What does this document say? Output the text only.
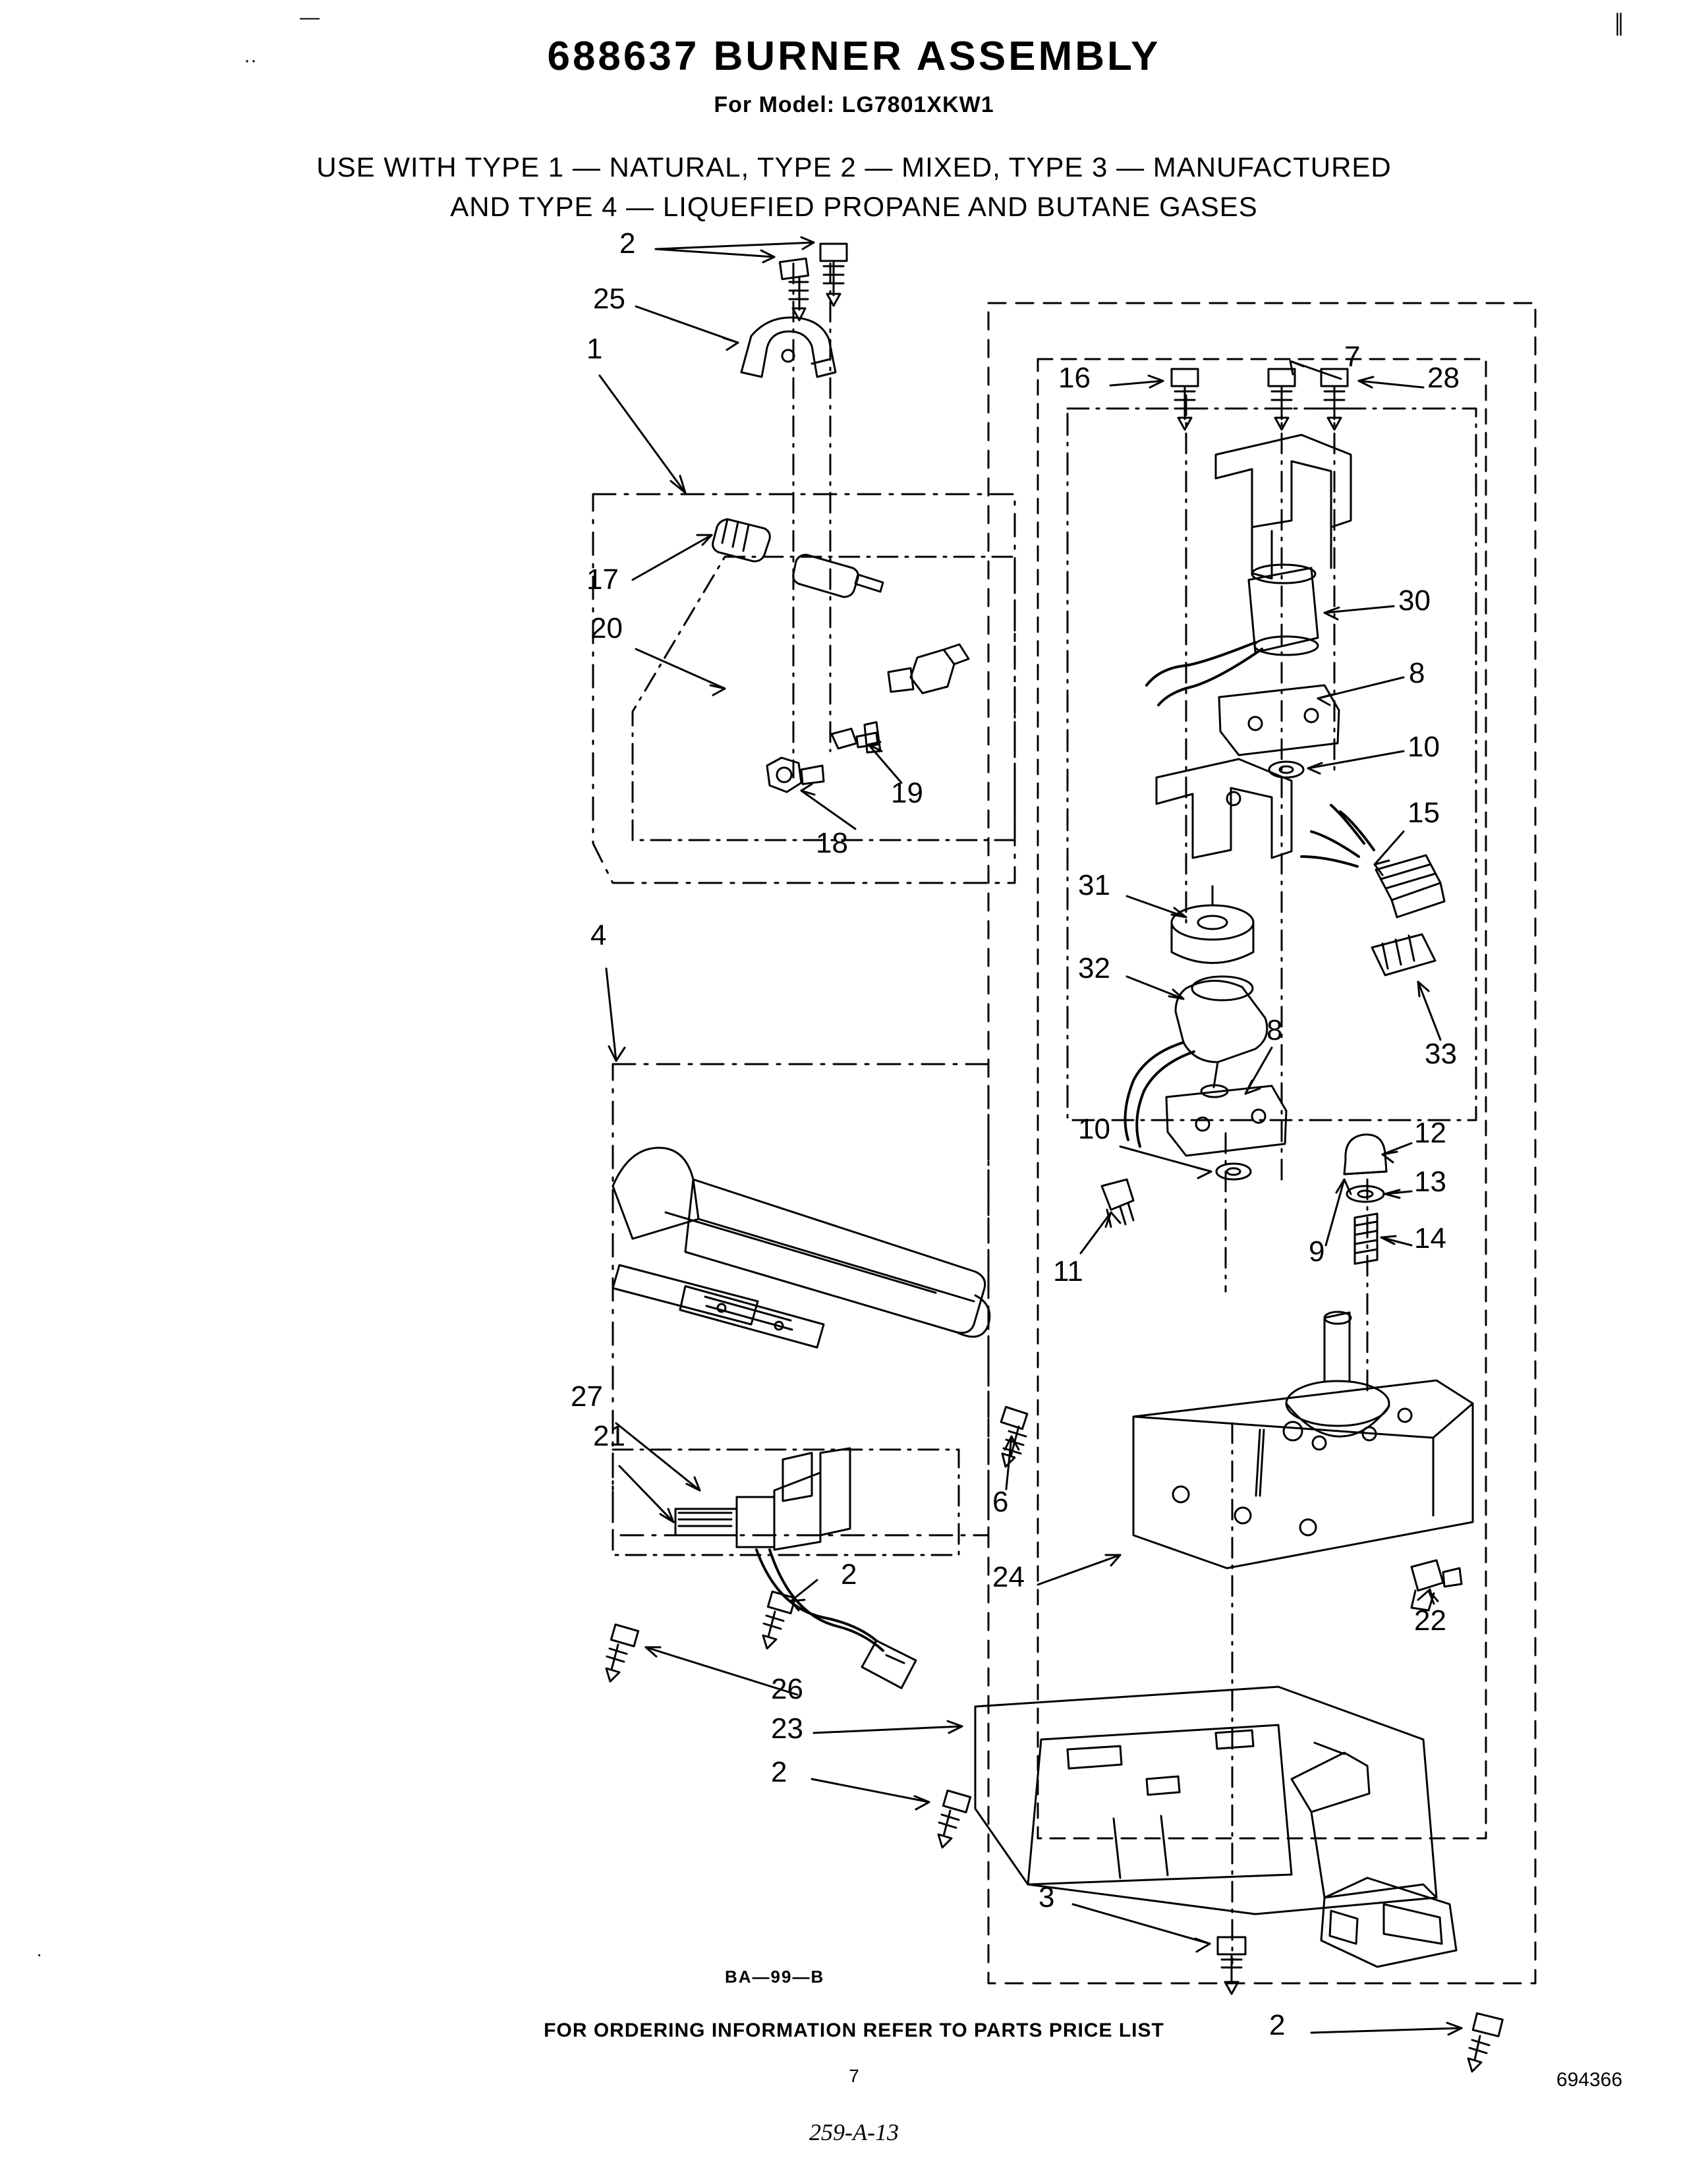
—
··
‖
·
688637 BURNER ASSEMBLY
For Model: LG7801XKW1
USE WITH TYPE 1 — NATURAL, TYPE 2 — MIXED, TYPE 3 — MANUFACTURED
AND TYPE 4 — LIQUEFIED PROPANE AND BUTANE GASES
2
25
1
16
7
28
17
20
30
8
10
19
18
15
31
32
8
33
4
10
11
12
13
9	14
27
21
6
2	24
22
26
23
2
3
2
BA—99—B
FOR ORDERING INFORMATION REFER TO PARTS PRICE LIST
7	694366
259-A-13
